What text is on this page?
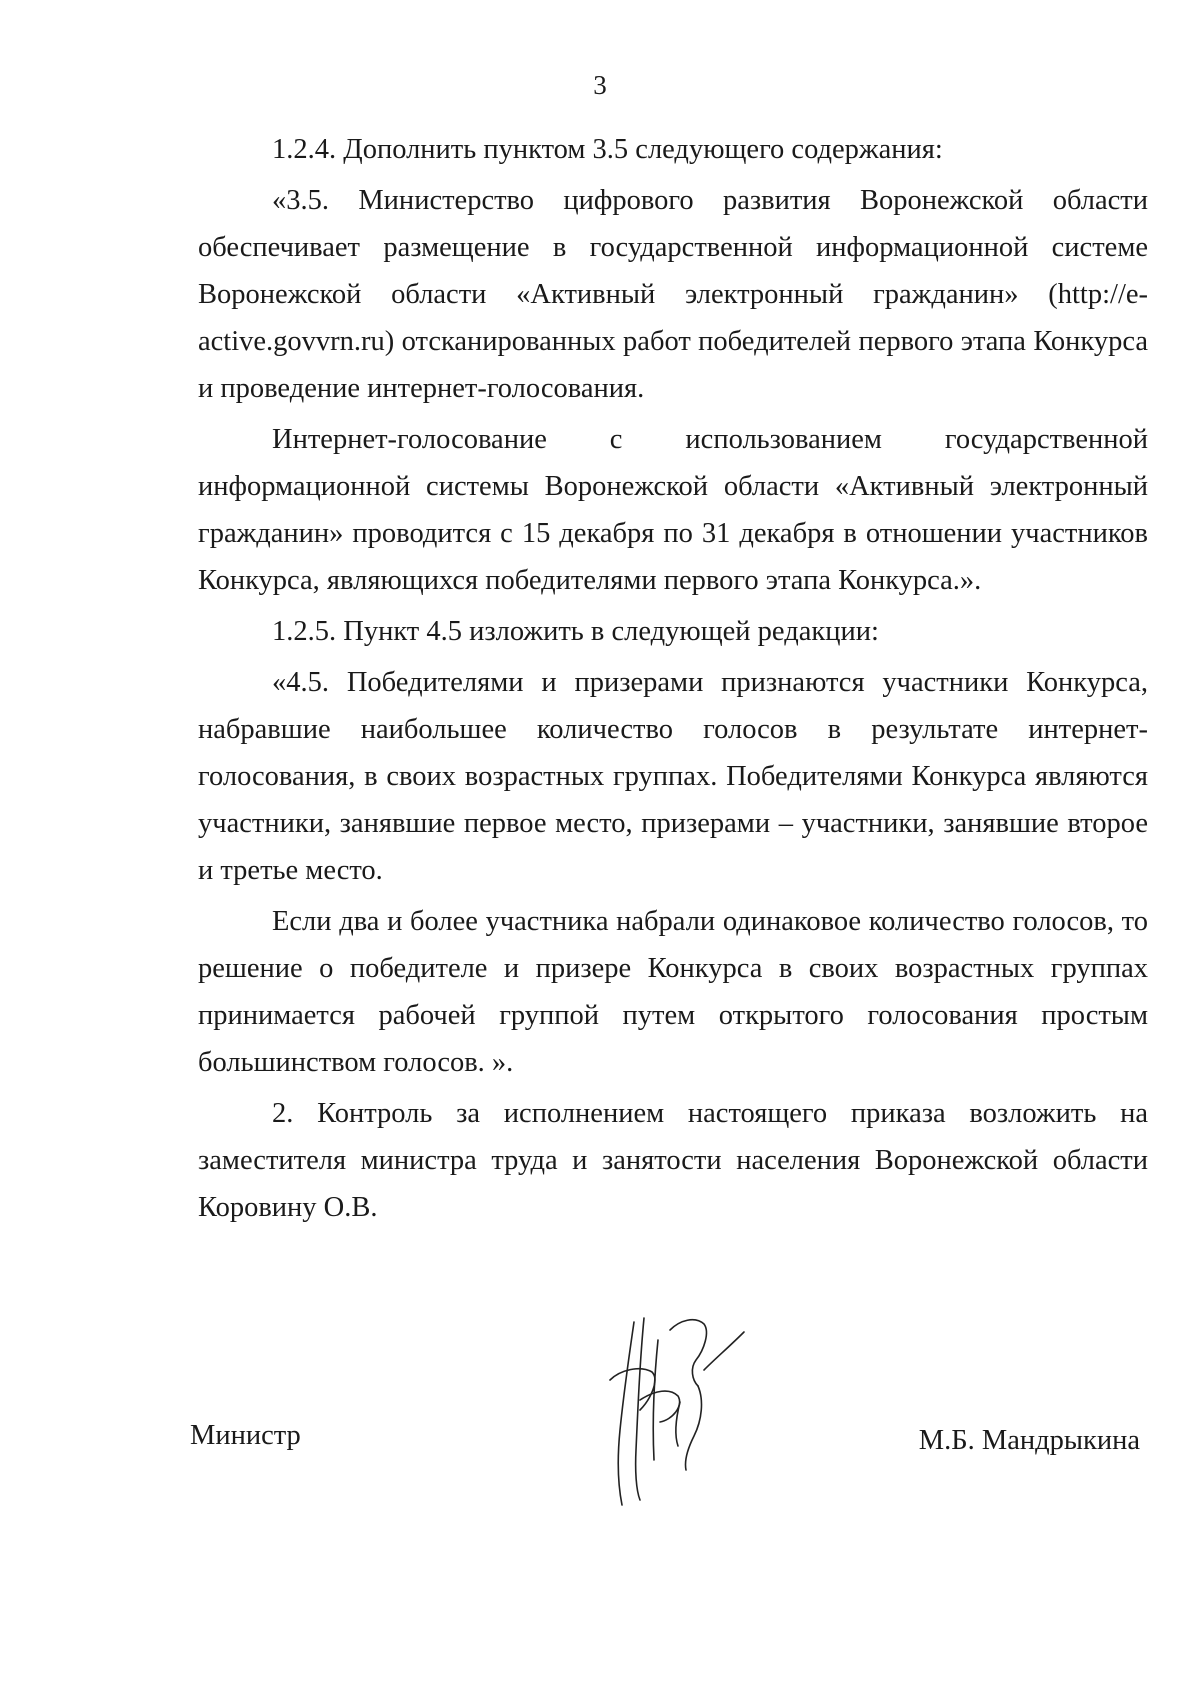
3

1.2.4. Дополнить пунктом 3.5 следующего содержания:

«3.5. Министерство цифрового развития Воронежской области обеспечивает размещение в государственной информационной системе Воронежской области «Активный электронный гражданин» (http://e-active.govvrn.ru) отсканированных работ победителей первого этапа Конкурса и проведение интернет-голосования.

Интернет-голосование с использованием государственной информационной системы Воронежской области «Активный электронный гражданин» проводится с 15 декабря по 31 декабря в отношении участников Конкурса, являющихся победителями первого этапа Конкурса.».

1.2.5. Пункт 4.5 изложить в следующей редакции:

«4.5. Победителями и призерами признаются участники Конкурса, набравшие наибольшее количество голосов в результате интернет-голосования, в своих возрастных группах. Победителями Конкурса являются участники, занявшие первое место, призерами – участники, занявшие второе и третье место.

Если два и более участника набрали одинаковое количество голосов, то решение о победителе и призере Конкурса в своих возрастных группах принимается рабочей группой путем открытого голосования простым большинством голосов. ».

2. Контроль за исполнением настоящего приказа возложить на заместителя министра труда и занятости населения Воронежской области Коровину О.В.

Министр	М.Б. Мандрыкина
